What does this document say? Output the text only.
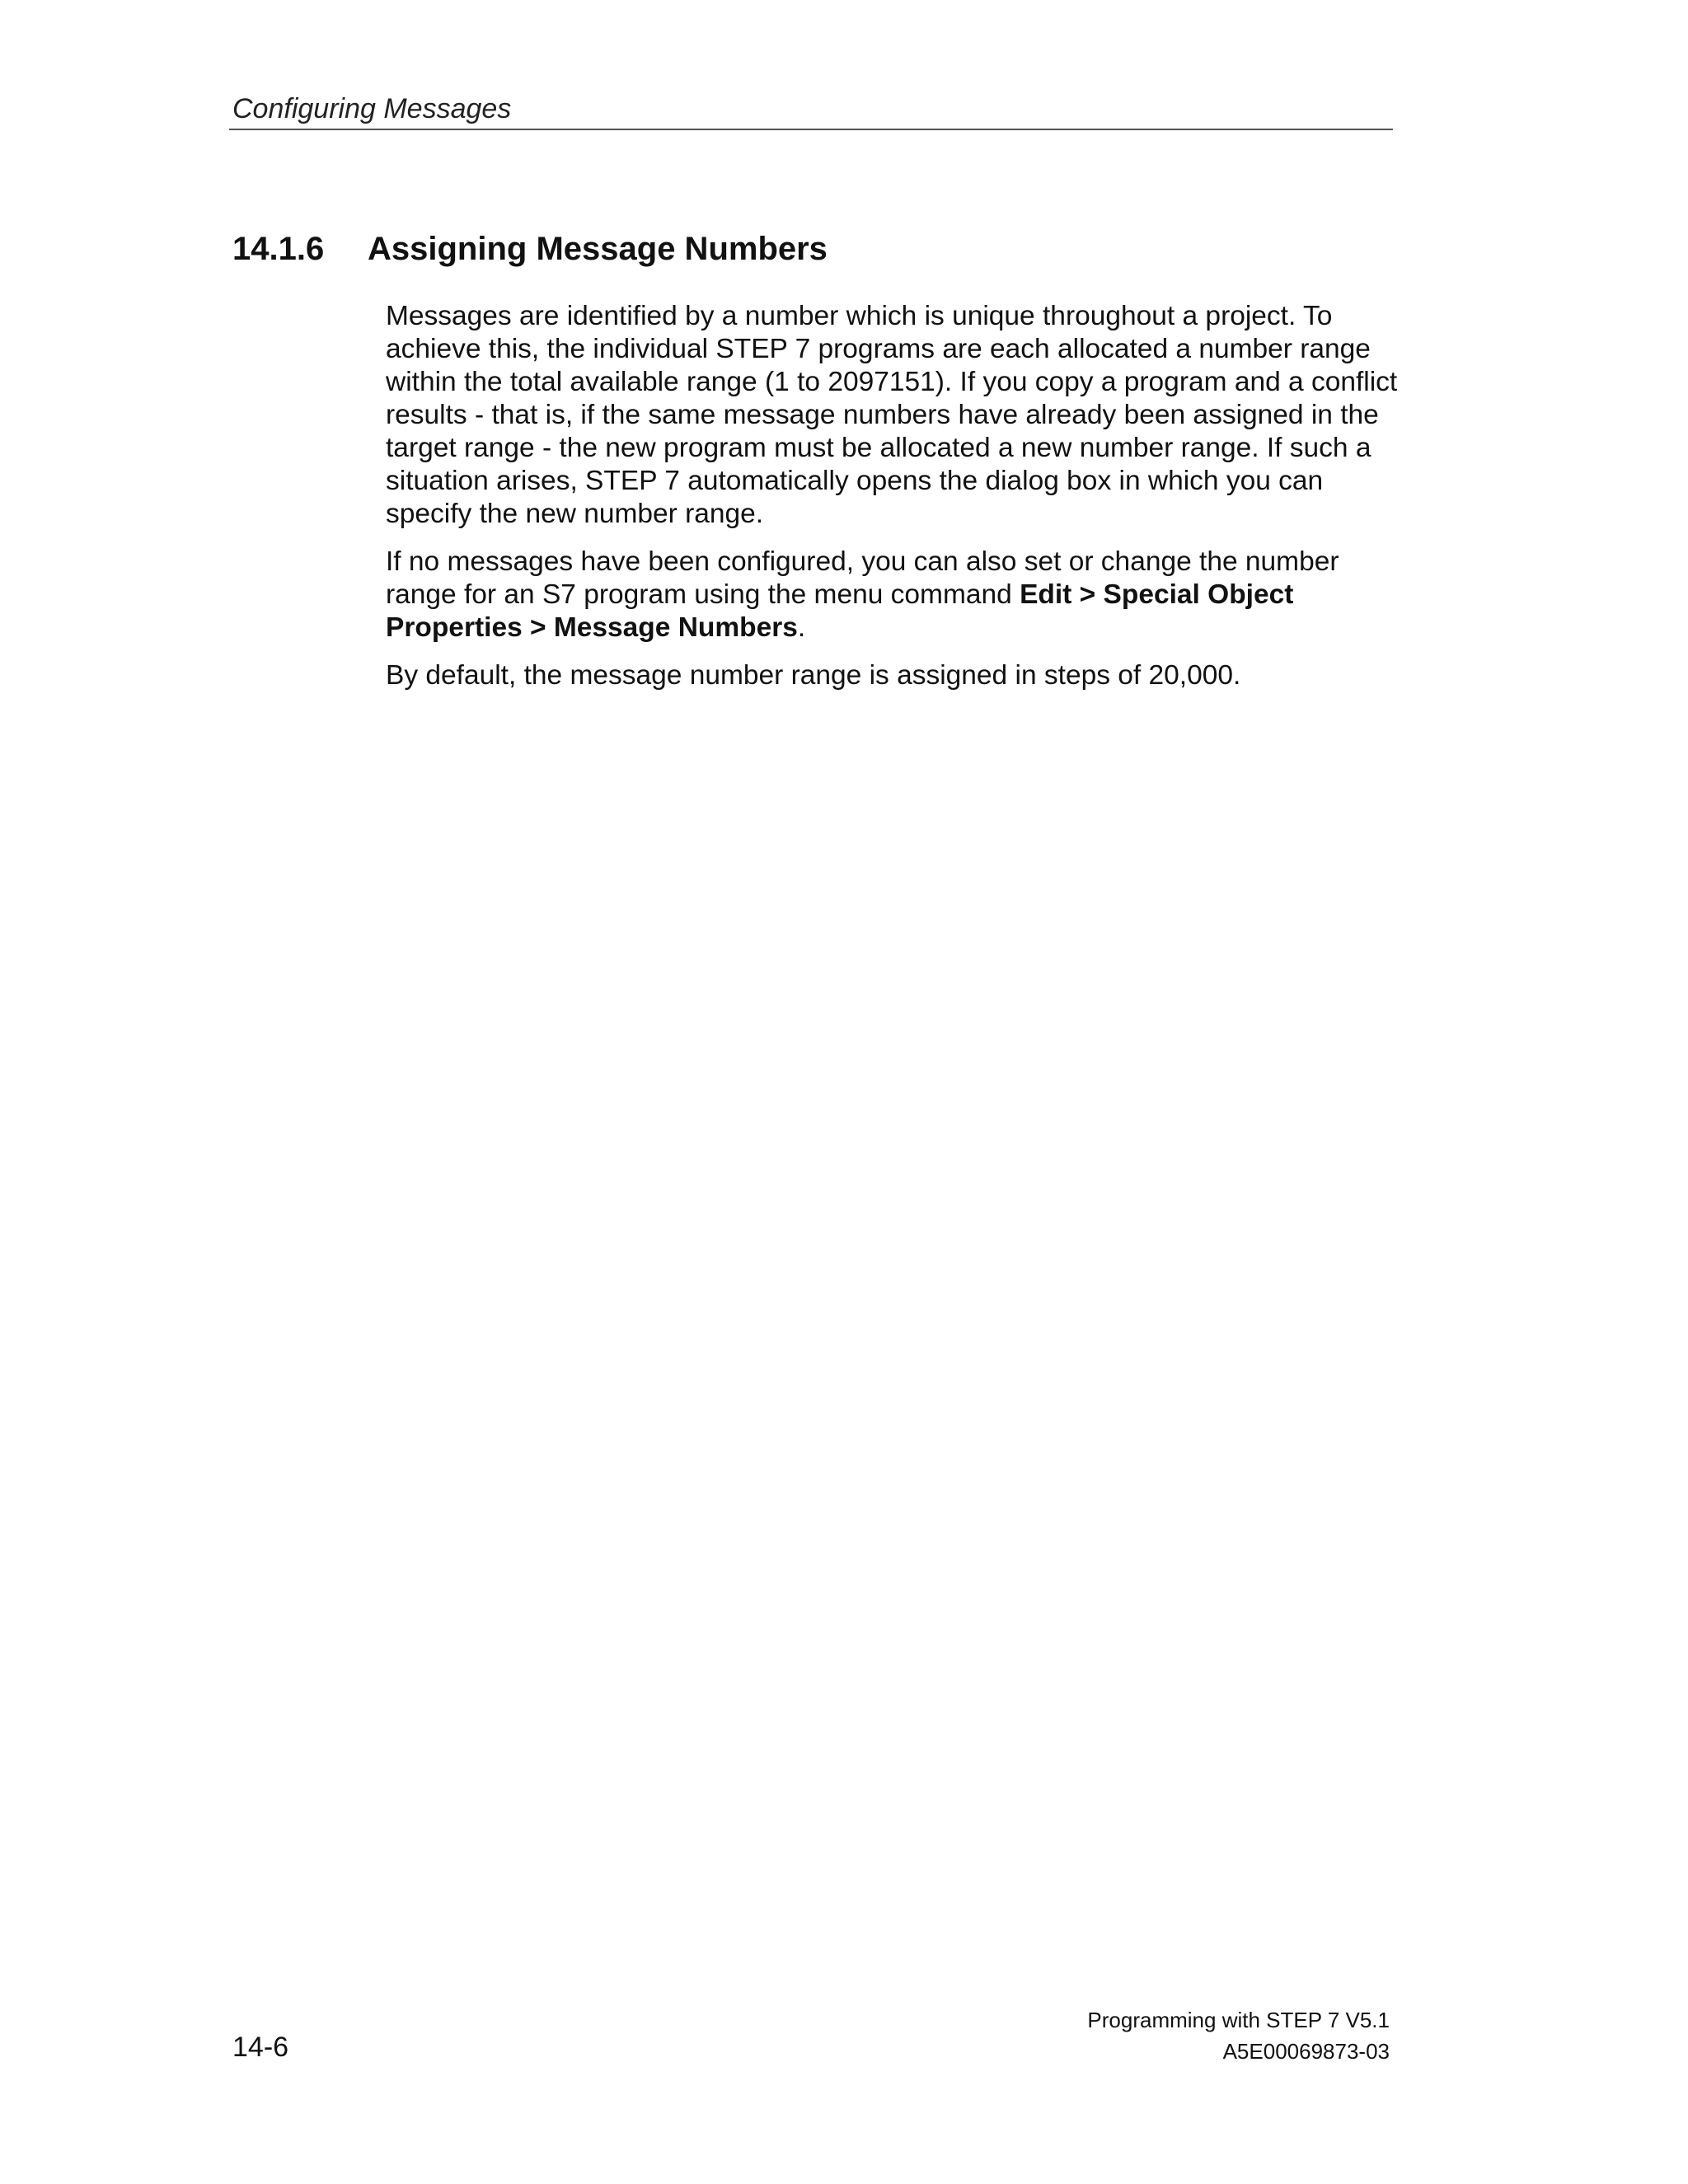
Configuring Messages
14.1.6 Assigning Message Numbers

Messages are identified by a number which is unique throughout a project. To achieve this, the individual STEP 7 programs are each allocated a number range within the total available range (1 to 2097151). If you copy a program and a conflict results - that is, if the same message numbers have already been assigned in the target range - the new program must be allocated a new number range. If such a situation arises, STEP 7 automatically opens the dialog box in which you can specify the new number range.

If no messages have been configured, you can also set or change the number range for an S7 program using the menu command Edit > Special Object Properties > Message Numbers.

By default, the message number range is assigned in steps of 20,000.

14-6
Programming with STEP 7 V5.1
A5E00069873-03
